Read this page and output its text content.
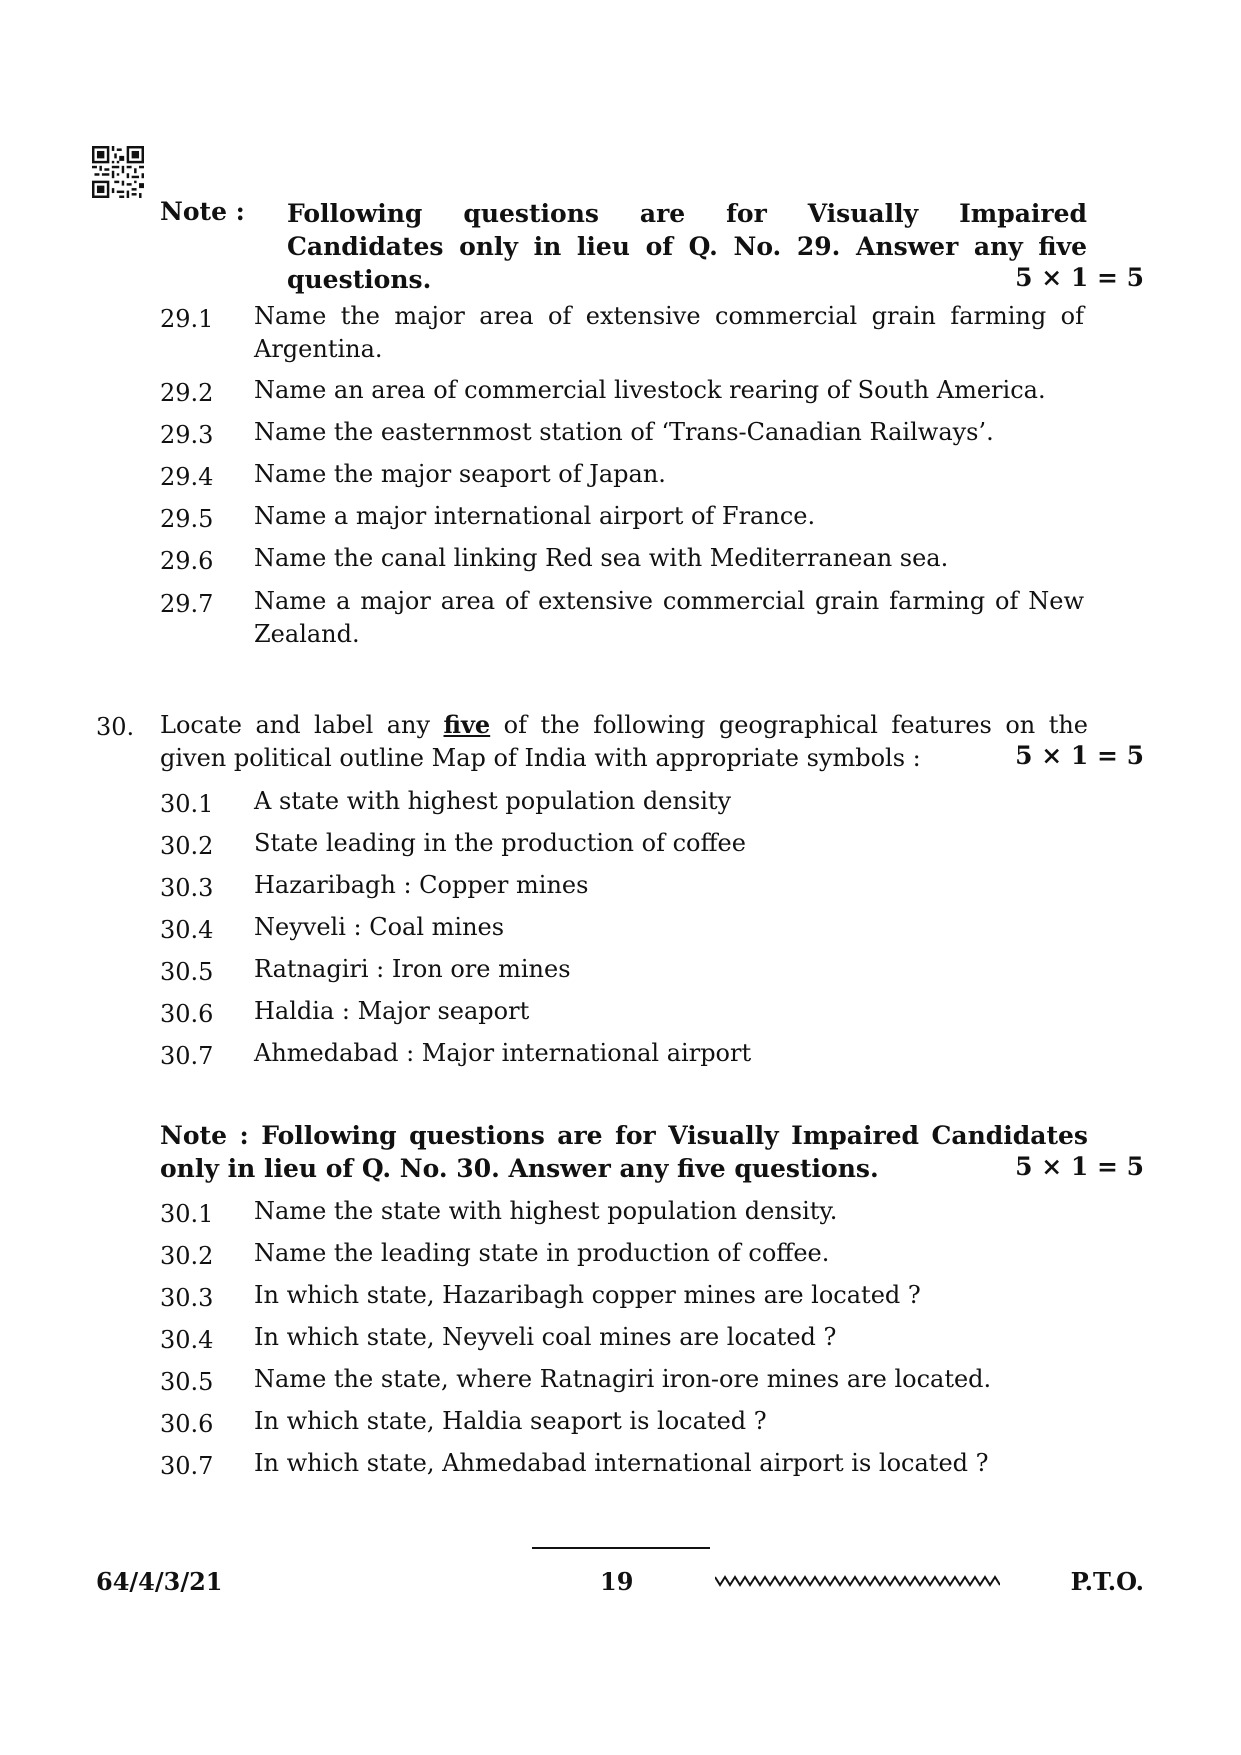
Note : Following questions are for Visually Impaired Candidates only in lieu of Q. No. 29. Answer any five questions.	5 × 1 = 5
29.1 Name the major area of extensive commercial grain farming of Argentina.
29.2 Name an area of commercial livestock rearing of South America.
29.3 Name the easternmost station of ‘Trans-Canadian Railways’.
29.4 Name the major seaport of Japan.
29.5 Name a major international airport of France.
29.6 Name the canal linking Red sea with Mediterranean sea.
29.7 Name a major area of extensive commercial grain farming of New Zealand.
30. Locate and label any five of the following geographical features on the given political outline Map of India with appropriate symbols :	5 × 1 = 5
30.1 A state with highest population density
30.2 State leading in the production of coffee
30.3 Hazaribagh : Copper mines
30.4 Neyveli : Coal mines
30.5 Ratnagiri : Iron ore mines
30.6 Haldia : Major seaport
30.7 Ahmedabad : Major international airport
Note : Following questions are for Visually Impaired Candidates only in lieu of Q. No. 30. Answer any five questions.	5 × 1 = 5
30.1 Name the state with highest population density.
30.2 Name the leading state in production of coffee.
30.3 In which state, Hazaribagh copper mines are located ?
30.4 In which state, Neyveli coal mines are located ?
30.5 Name the state, where Ratnagiri iron-ore mines are located.
30.6 In which state, Haldia seaport is located ?
30.7 In which state, Ahmedabad international airport is located ?
64/4/3/21	19	P.T.O.
